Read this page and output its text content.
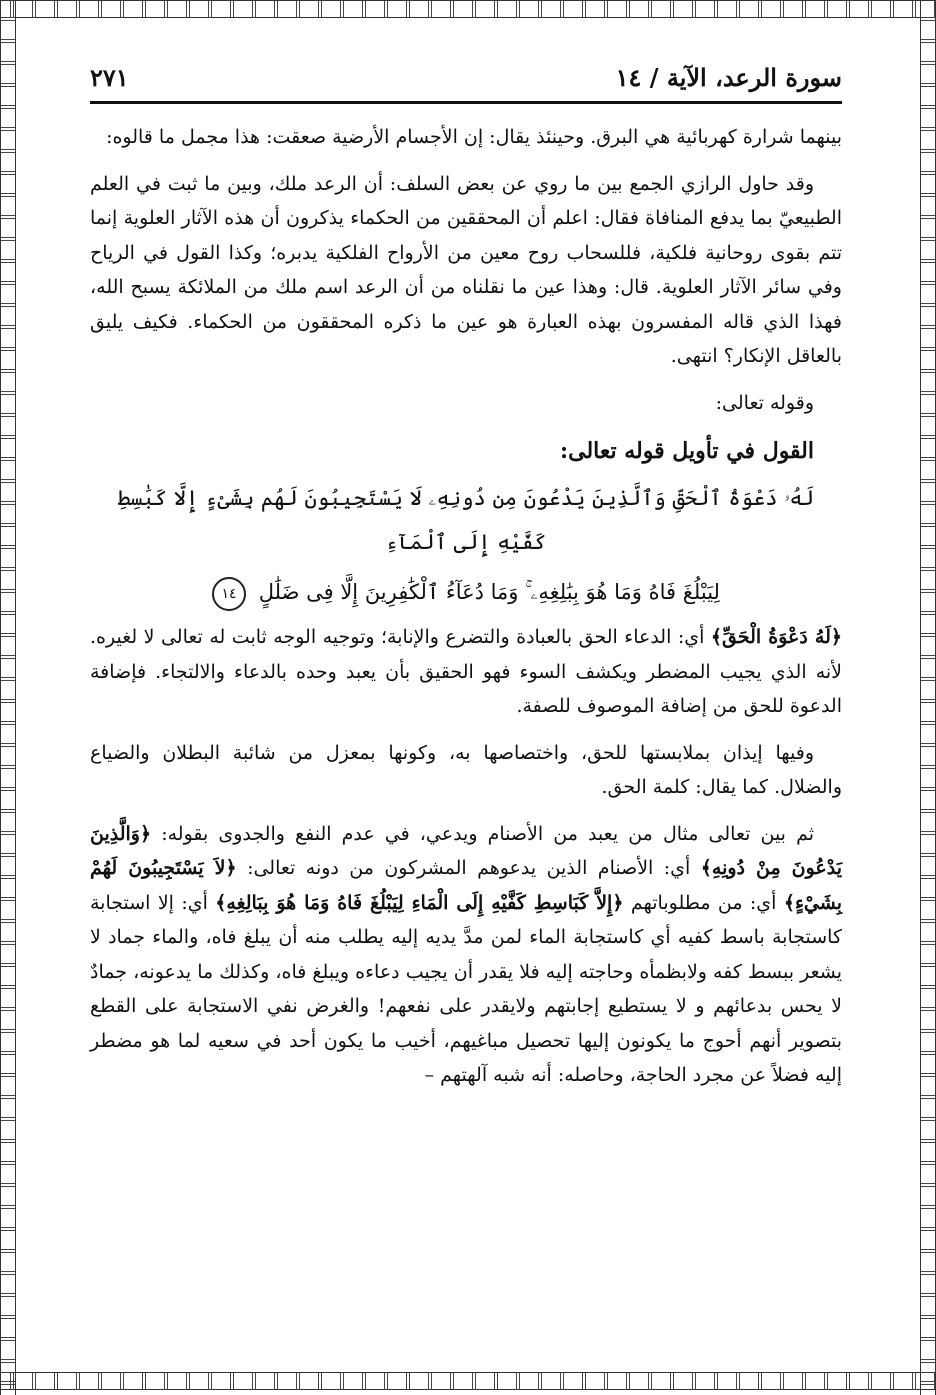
سورة الرعد، الآية / ١٤
٢٧١

بينهما شرارة كهربائية هي البرق. وحينئذ يقال: إن الأجسام الأرضية صعقت: هذا مجمل ما قالوه:

وقد حاول الرازي الجمع بين ما روي عن بعض السلف: أن الرعد ملك، وبين ما ثبت في العلم الطبيعيّ بما يدفع المنافاة فقال: اعلم أن المحققين من الحكماء يذكرون أن هذه الآثار العلوية إنما تتم بقوى روحانية فلكية، فللسحاب روح معين من الأرواح الفلكية يدبره؛ وكذا القول في الرياح وفي سائر الآثار العلوية. قال: وهذا عين ما نقلناه من أن الرعد اسم ملك من الملائكة يسبح الله، فهذا الذي قاله المفسرون بهذه العبارة هو عين ما ذكره المحققون من الحكماء. فكيف يليق بالعاقل الإنكار؟ انتهى.

وقوله تعالى:

القول في تأويل قوله تعالى:
لَهُۥ دَعْوَةُ ٱلْحَقِّ وَٱلَّذِينَ يَدْعُونَ مِن دُونِهِۦ لَا يَسْتَجِيبُونَ لَهُم بِشَىْءٍ إِلَّا كَبَٰسِطِ كَفَّيْهِ إِلَى ٱلْمَآءِ
لِيَبْلُغَ فَاهُ وَمَا هُوَ بِبَٰلِغِهِۦ ۚ وَمَا دُعَآءُ ٱلْكَٰفِرِينَ إِلَّا فِى ضَلَٰلٍ ١٤

﴿لَهُ دَعْوَةُ الْحَقِّ﴾ أي: الدعاء الحق بالعبادة والتضرع والإنابة؛ وتوجيه الوجه ثابت له تعالى لا لغيره. لأنه الذي يجيب المضطر ويكشف السوء فهو الحقيق بأن يعبد وحده بالدعاء والالتجاء. فإضافة الدعوة للحق من إضافة الموصوف للصفة.

وفيها إيذان بملابستها للحق، واختصاصها به، وكونها بمعزل من شائبة البطلان والضياع والضلال. كما يقال: كلمة الحق.

ثم بين تعالى مثال من يعبد من الأصنام ويدعي، في عدم النفع والجدوى بقوله: ﴿وَالَّذِينَ يَدْعُونَ مِنْ دُونِهِ﴾ أي: الأصنام الذين يدعوهم المشركون من دونه تعالى: ﴿لاَ يَسْتَجِيبُونَ لَهُمْ بِشَيْءٍ﴾ أي: من مطلوباتهم ﴿إِلاَّ كَبَاسِطِ كَفَّيْهِ إِلَى الْمَاءِ لِيَبْلُغَ فَاهُ وَمَا هُوَ بِبَالِغِهِ﴾ أي: إلا استجابة كاستجابة باسط كفيه أي كاستجابة الماء لمن مدَّ يديه إليه يطلب منه أن يبلغ فاه، والماء جماد لا يشعر ببسط كفه ولابظمأه وحاجته إليه فلا يقدر أن يجيب دعاءه ويبلغ فاه، وكذلك ما يدعونه، جمادٌ لا يحس بدعائهم و لا يستطيع إجابتهم ولايقدر على نفعهم! والغرض نفي الاستجابة على القطع بتصوير أنهم أحوج ما يكونون إليها تحصيل مباغيهم، أخيب ما يكون أحد في سعيه لما هو مضطر إليه فضلاً عن مجرد الحاجة، وحاصله: أنه شبه آلهتهم –
